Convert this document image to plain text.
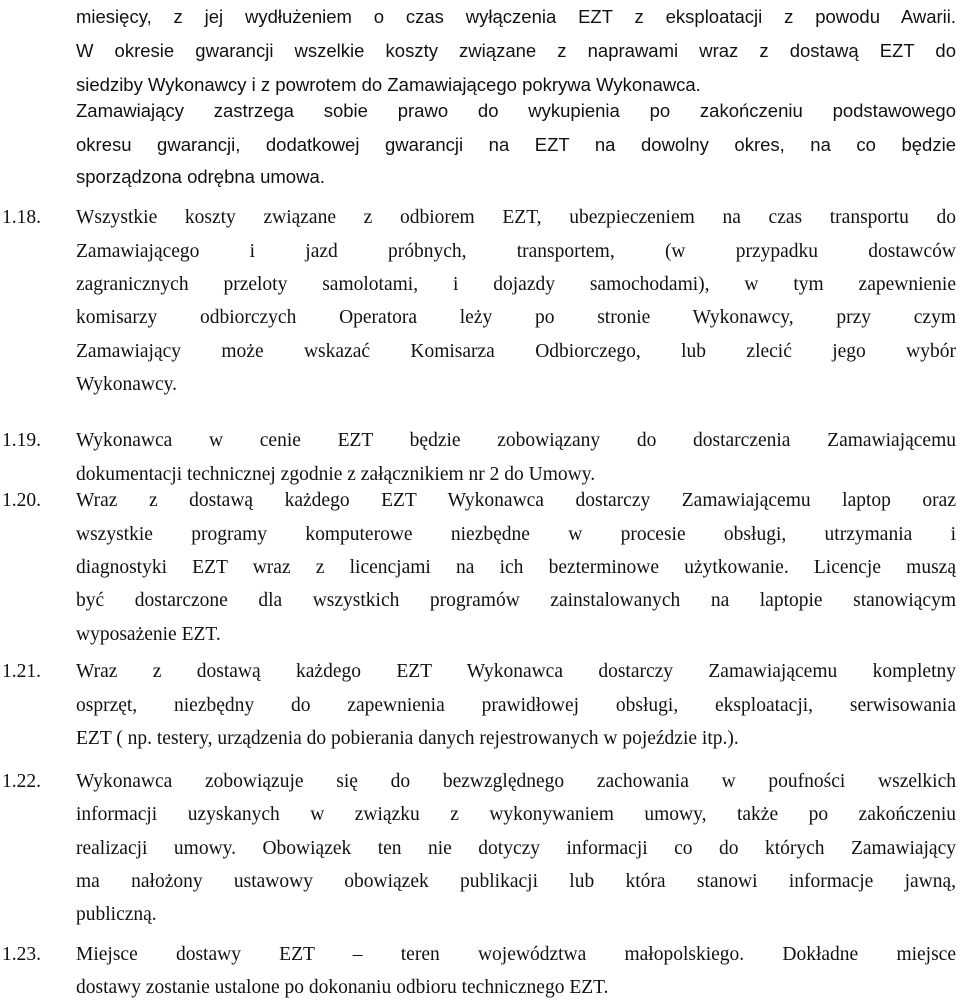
miesięcy, z jej wydłużeniem o czas wyłączenia EZT z eksploatacji z powodu Awarii.
W okresie gwarancji wszelkie koszty związane z naprawami wraz z dostawą EZT do
siedziby Wykonawcy i z powrotem do Zamawiającego pokrywa Wykonawca.
Zamawiający zastrzega sobie prawo do wykupienia po zakończeniu podstawowego
okresu gwarancji, dodatkowej gwarancji na EZT na dowolny okres, na co będzie
sporządzona odrębna umowa.
1.18. Wszystkie koszty związane z odbiorem EZT, ubezpieczeniem na czas transportu do
Zamawiającego i jazd próbnych, transportem, (w przypadku dostawców
zagranicznych przeloty samolotami, i dojazdy samochodami), w tym zapewnienie
komisarzy odbiorczych Operatora leży po stronie Wykonawcy, przy czym
Zamawiający może wskazać Komisarza Odbiorczego, lub zlecić jego wybór
Wykonawcy.
1.19. Wykonawca w cenie EZT będzie zobowiązany do dostarczenia Zamawiającemu
dokumentacji technicznej zgodnie z załącznikiem nr 2 do Umowy.
1.20. Wraz z dostawą każdego EZT Wykonawca dostarczy Zamawiającemu laptop oraz
wszystkie programy komputerowe niezbędne w procesie obsługi, utrzymania i
diagnostyki EZT wraz z licencjami na ich bezterminowe użytkowanie. Licencje muszą
być dostarczone dla wszystkich programów zainstalowanych na laptopie stanowiącym
wyposażenie EZT.
1.21. Wraz z dostawą każdego EZT Wykonawca dostarczy Zamawiającemu kompletny
osprzęt, niezbędny do zapewnienia prawidłowej obsługi, eksploatacji, serwisowania
EZT ( np. testery, urządzenia do pobierania danych rejestrowanych w pojeździe itp.).
1.22. Wykonawca zobowiązuje się do bezwzględnego zachowania w poufności wszelkich
informacji uzyskanych w związku z wykonywaniem umowy, także po zakończeniu
realizacji umowy. Obowiązek ten nie dotyczy informacji co do których Zamawiający
ma nałożony ustawowy obowiązek publikacji lub która stanowi informacje jawną,
publiczną.
1.23. Miejsce dostawy EZT – teren województwa małopolskiego. Dokładne miejsce
dostawy zostanie ustalone po dokonaniu odbioru technicznego EZT.
